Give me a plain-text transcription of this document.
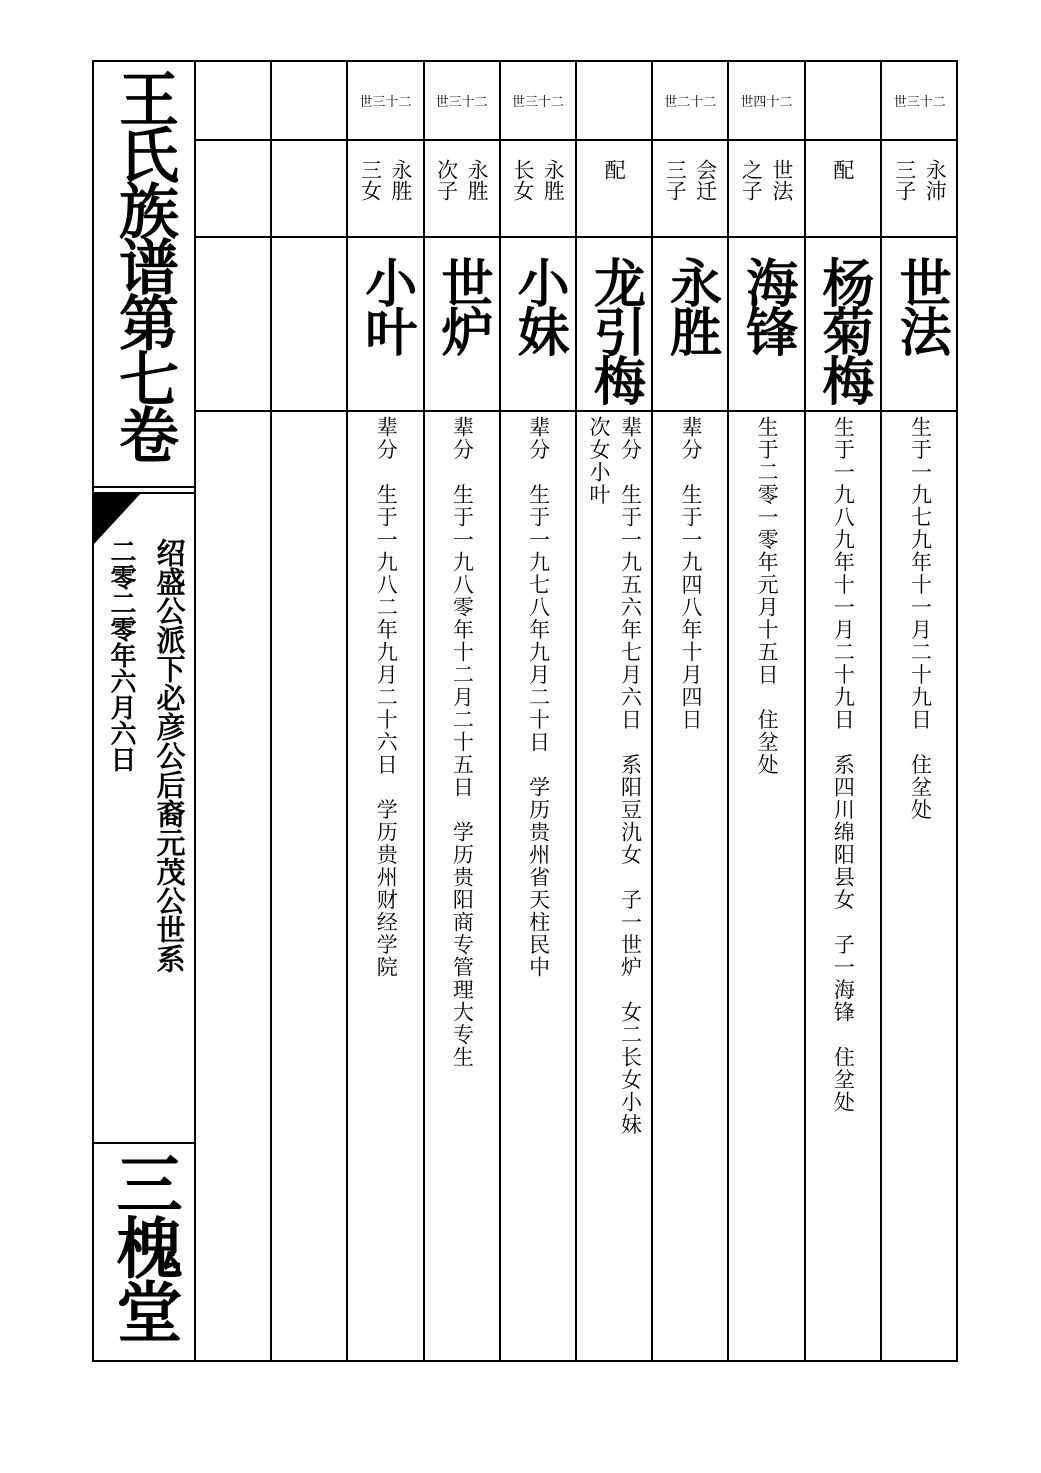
王氏族谱第七卷
绍盛公派下必彦公后裔元茂公世系
二零二零年六月六日
三槐堂
世三十二
永胜
三女
小叶
辈分　生于一九八二年九月二十六日　学历贵州财经学院
世三十二
永胜
次子
世炉
辈分　生于一九八零年十二月二十五日　学历贵阳商专管理大专生
世三十二
永胜
长女
小妹
辈分　生于一九七八年九月二十日　学历贵州省天柱民中
配
龙引梅
辈分　生于一九五六年七月六日　系阳豆氿女　子一世炉　女二长女小妹
次女小叶
世二十二
会迁
三子
永胜
辈分　生于一九四八年十月四日
世四十二
世法
之子
海锋
生于二零一零年元月十五日　住坌处
配
杨菊梅
生于一九八九年十一月二十九日　系四川绵阳县女　子一海锋　住坌处
世三十二
永沛
三子
世法
生于一九七九年十一月二十九日　住坌处
